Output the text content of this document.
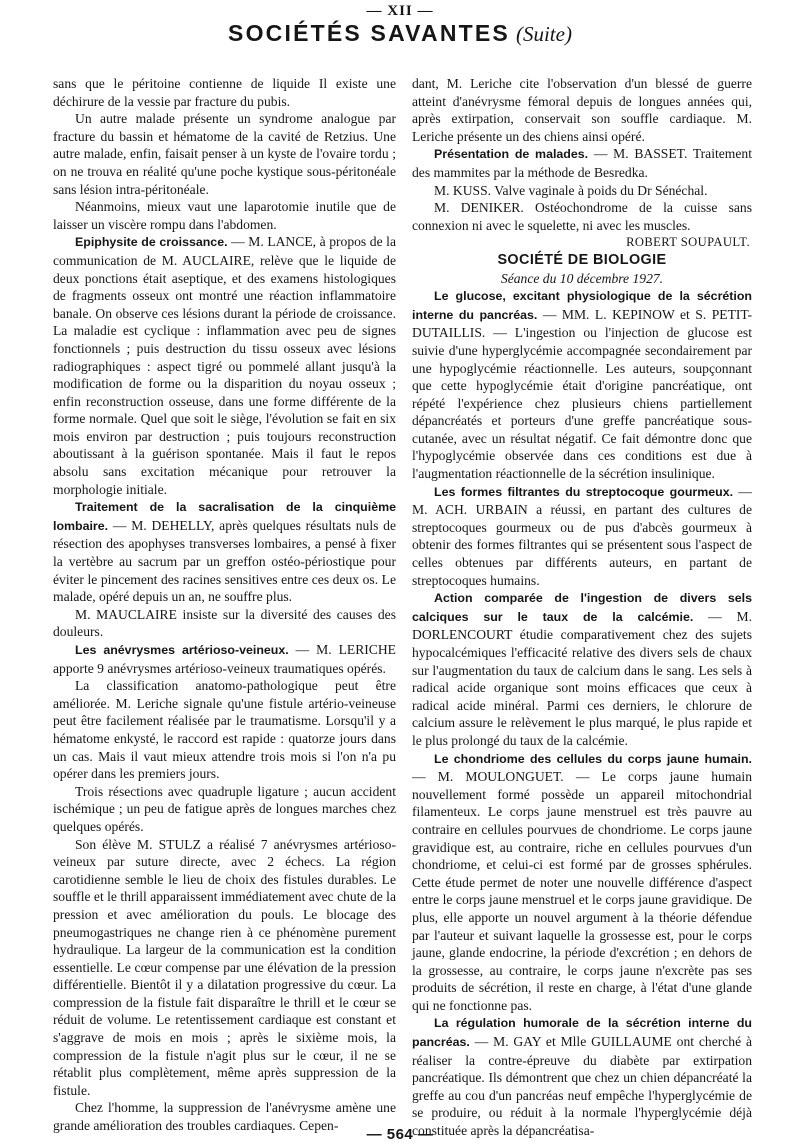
— XII —
SOCIÉTÉS SAVANTES (Suite)

sans que le péritoine contienne de liquide Il existe une déchirure de la vessie par fracture du pubis.

Un autre malade présente un syndrome analogue par fracture du bassin et hématome de la cavité de Retzius. Une autre malade, enfin, faisait penser à un kyste de l'ovaire tordu ; on ne trouva en réalité qu'une poche kystique sous-péritonéale sans lésion intra-péritonéale.

Néanmoins, mieux vaut une laparotomie inutile que de laisser un viscère rompu dans l'abdomen.

Epiphysite de croissance. — M. LANCE, à propos de la communication de M. AUCLAIRE, relève que le liquide de deux ponctions était aseptique, et des examens histologiques de fragments osseux ont montré une réaction inflammatoire banale. On observe ces lésions durant la période de croissance. La maladie est cyclique : inflammation avec peu de signes fonctionnels ; puis destruction du tissu osseux avec lésions radiographiques : aspect tigré ou pommelé allant jusqu'à la modification de forme ou la disparition du noyau osseux ; enfin reconstruction osseuse, dans une forme différente de la forme normale. Quel que soit le siège, l'évolution se fait en six mois environ par destruction ; puis toujours reconstruction aboutissant à la guérison spontanée. Mais il faut le repos absolu sans excitation mécanique pour retrouver la morphologie initiale.

Traitement de la sacralisation de la cinquième lombaire. — M. DEHELLY, après quelques résultats nuls de résection des apophyses transverses lombaires, a pensé à fixer la vertèbre au sacrum par un greffon ostéo-périostique pour éviter le pincement des racines sensitives entre ces deux os. Le malade, opéré depuis un an, ne souffre plus.

M. MAUCLAIRE insiste sur la diversité des causes des douleurs.

Les anévrysmes artérioso-veineux. — M. LERICHE apporte 9 anévrysmes artérioso-veineux traumatiques opérés.

La classification anatomo-pathologique peut être améliorée. M. Leriche signale qu'une fistule artério-veineuse peut être facilement réalisée par le traumatisme. Lorsqu'il y a hématome enkysté, le raccord est rapide : quatorze jours dans un cas. Mais il vaut mieux attendre trois mois si l'on n'a pu opérer dans les premiers jours.

Trois résections avec quadruple ligature ; aucun accident ischémique ; un peu de fatigue après de longues marches chez quelques opérés.

Son élève M. STULZ a réalisé 7 anévrysmes artérioso-veineux par suture directe, avec 2 échecs. La région carotidienne semble le lieu de choix des fistules durables. Le souffle et le thrill apparaissent immédiatement avec chute de la pression et avec amélioration du pouls. Le blocage des pneumogastriques ne change rien à ce phénomène purement hydraulique. La largeur de la communication est la condition essentielle. Le cœur compense par une élévation de la pression différentielle. Bientôt il y a dilatation progressive du cœur. La compression de la fistule fait disparaître le thrill et le cœur se réduit de volume. Le retentissement cardiaque est constant et s'aggrave de mois en mois ; après le sixième mois, la compression de la fistule n'agit plus sur le cœur, il ne se rétablit plus complètement, même après suppression de la fistule.

Chez l'homme, la suppression de l'anévrysme amène une grande amélioration des troubles cardiaques. Cepen-

dant, M. Leriche cite l'observation d'un blessé de guerre atteint d'anévrysme fémoral depuis de longues années qui, après extirpation, conservait son souffle cardiaque. M. Leriche présente un des chiens ainsi opéré.

Présentation de malades. — M. BASSET. Traitement des mammites par la méthode de Besredka.

M. KUSS. Valve vaginale à poids du Dr Sénéchal.

M. DENIKER. Ostéochondrome de la cuisse sans connexion ni avec le squelette, ni avec les muscles.

ROBERT SOUPAULT.

SOCIÉTÉ DE BIOLOGIE

Séance du 10 décembre 1927.

Le glucose, excitant physiologique de la sécrétion interne du pancréas. — MM. L. KEPINOW et S. PETIT-DUTAILLIS. — L'ingestion ou l'injection de glucose est suivie d'une hyperglycémie accompagnée secondairement par une hypoglycémie réactionnelle. Les auteurs, soupçonnant que cette hypoglycémie était d'origine pancréatique, ont répété l'expérience chez plusieurs chiens partiellement dépancréatés et porteurs d'une greffe pancréatique sous-cutanée, avec un résultat négatif. Ce fait démontre donc que l'hypoglycémie observée dans ces conditions est due à l'augmentation réactionnelle de la sécrétion insulinique.

Les formes filtrantes du streptocoque gourmeux. — M. ACH. URBAIN a réussi, en partant des cultures de streptocoques gourmeux ou de pus d'abcès gourmeux à obtenir des formes filtrantes qui se présentent sous l'aspect de celles obtenues par différents auteurs, en partant de streptocoques humains.

Action comparée de l'ingestion de divers sels calciques sur le taux de la calcémie. — M. DORLENCOURT étudie comparativement chez des sujets hypocalcémiques l'efficacité relative des divers sels de chaux sur l'augmentation du taux de calcium dans le sang. Les sels à radical acide organique sont moins efficaces que ceux à radical acide minéral. Parmi ces derniers, le chlorure de calcium assure le relèvement le plus marqué, le plus rapide et le plus prolongé du taux de la calcémie.

Le chondriome des cellules du corps jaune humain. — M. MOULONGUET. — Le corps jaune humain nouvellement formé possède un appareil mitochondrial filamenteux. Le corps jaune menstruel est très pauvre au contraire en cellules pourvues de chondriome. Le corps jaune gravidique est, au contraire, riche en cellules pourvues d'un chondriome, et celui-ci est formé par de grosses sphérules. Cette étude permet de noter une nouvelle différence d'aspect entre le corps jaune menstruel et le corps jaune gravidique. De plus, elle apporte un nouvel argument à la théorie défendue par l'auteur et suivant laquelle la grossesse est, pour le corps jaune, glande endocrine, la période d'excrétion ; en dehors de la grossesse, au contraire, le corps jaune n'excrète pas ses produits de sécrétion, il reste en charge, à l'état d'une glande qui ne fonctionne pas.

La régulation humorale de la sécrétion interne du pancréas. — M. GAY et Mlle GUILLAUME ont cherché à réaliser la contre-épreuve du diabète par extirpation pancréatique. Ils démontrent que chez un chien dépancréaté la greffe au cou d'un pancréas neuf empêche l'hyperglycémie de se produire, ou réduit à la normale l'hyperglycémie déjà constituée après la dépancréatisa-

— 564 —
